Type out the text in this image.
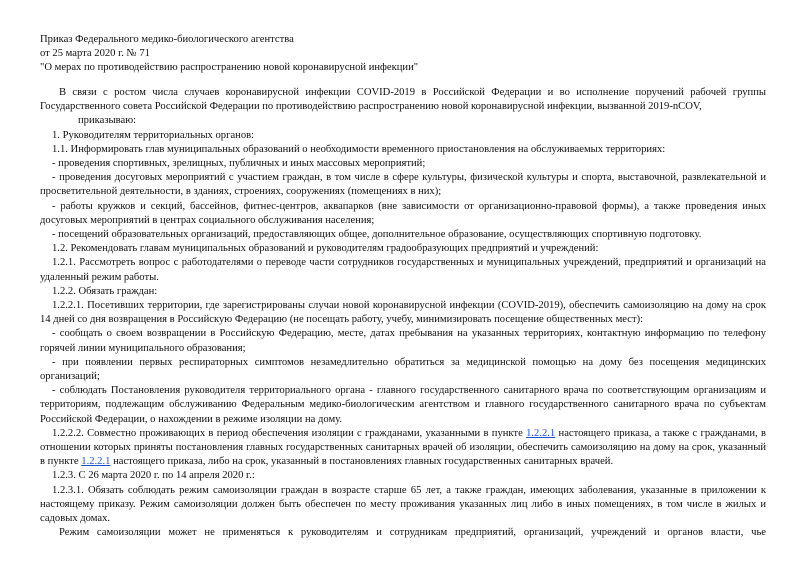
Приказ Федерального медико-биологического агентства
от 25 марта 2020 г. № 71
"О мерах по противодействию распространению новой коронавирусной инфекции"

В связи с ростом числа случаев коронавирусной инфекции COVID-2019 в Российской Федерации и во исполнение поручений рабочей группы Государственного совета Российской Федерации по противодействию распространению новой коронавирусной инфекции, вызванной 2019-nCOV,

приказываю:

1. Руководителям территориальных органов:

1.1. Информировать глав муниципальных образований о необходимости временного приостановления на обслуживаемых территориях:

- проведения спортивных, зрелищных, публичных и иных массовых мероприятий;

- проведения досуговых мероприятий с участием граждан, в том числе в сфере культуры, физической культуры и спорта, выставочной, развлекательной и просветительной деятельности, в зданиях, строениях, сооружениях (помещениях в них);

- работы кружков и секций, бассейнов, фитнес-центров, аквапарков (вне зависимости от организационно-правовой формы), а также проведения иных досуговых мероприятий в центрах социального обслуживания населения;

- посещений образовательных организаций, предоставляющих общее, дополнительное образование, осуществляющих спортивную подготовку.

1.2. Рекомендовать главам муниципальных образований и руководителям градообразующих предприятий и учреждений:

1.2.1. Рассмотреть вопрос с работодателями о переводе части сотрудников государственных и муниципальных учреждений, предприятий и организаций на удаленный режим работы.

1.2.2. Обязать граждан:

1.2.2.1. Посетивших территории, где зарегистрированы случаи новой коронавирусной инфекции (COVID-2019), обеспечить самоизоляцию на дому на срок 14 дней со дня возвращения в Российскую Федерацию (не посещать работу, учебу, минимизировать посещение общественных мест):

- сообщать о своем возвращении в Российскую Федерацию, месте, датах пребывания на указанных территориях, контактную информацию по телефону горячей линии муниципального образования;

- при появлении первых респираторных симптомов незамедлительно обратиться за медицинской помощью на дому без посещения медицинских организаций;

- соблюдать Постановления руководителя территориального органа - главного государственного санитарного врача по соответствующим организациям и территориям, подлежащим обслуживанию Федеральным медико-биологическим агентством и главного государственного санитарного врача по субъектам Российской Федерации, о нахождении в режиме изоляции на дому.

1.2.2.2. Совместно проживающих в период обеспечения изоляции с гражданами, указанными в пункте 1.2.2.1 настоящего приказа, а также с гражданами, в отношении которых приняты постановления главных государственных санитарных врачей об изоляции, обеспечить самоизоляцию на дому на срок, указанный в пункте 1.2.2.1 настоящего приказа, либо на срок, указанный в постановлениях главных государственных санитарных врачей.

1.2.3. С 26 марта 2020 г. по 14 апреля 2020 г.:

1.2.3.1. Обязать соблюдать режим самоизоляции граждан в возрасте старше 65 лет, а также граждан, имеющих заболевания, указанные в приложении к настоящему приказу. Режим самоизоляции должен быть обеспечен по месту проживания указанных лиц либо в иных помещениях, в том числе в жилых и садовых домах.

Режим самоизоляции может не применяться к руководителям и сотрудникам предприятий, организаций, учреждений и органов власти, чье
